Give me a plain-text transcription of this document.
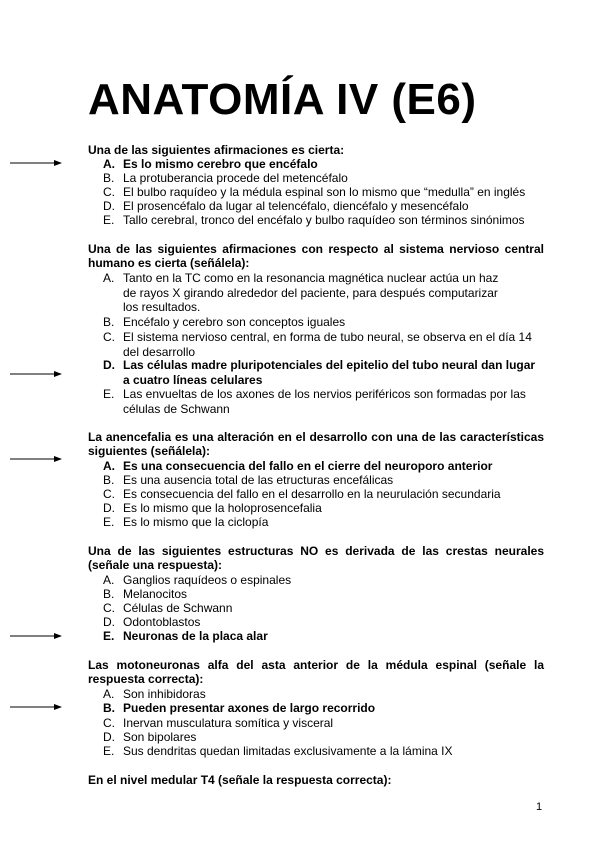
ANATOMÍA IV (E6)
Una de las siguientes afirmaciones es cierta:
A. Es lo mismo cerebro que encéfalo
B. La protuberancia procede del metencéfalo
C. El bulbo raquídeo y la médula espinal son lo mismo que “medulla” en inglés
D. El prosencéfalo da lugar al telencéfalo, diencéfalo y mesencéfalo
E. Tallo cerebral, tronco del encéfalo y bulbo raquídeo son términos sinónimos
Una de las siguientes afirmaciones con respecto al sistema nervioso central humano es cierta (señálela):
A. Tanto en la TC como en la resonancia magnética nuclear actúa un haz de rayos X girando alrededor del paciente, para después computarizar los resultados.
B. Encéfalo y cerebro son conceptos iguales
C. El sistema nervioso central, en forma de tubo neural, se observa en el día 14 del desarrollo
D. Las células madre pluripotenciales del epitelio del tubo neural dan lugar a cuatro líneas celulares
E. Las envueltas de los axones de los nervios periféricos son formadas por las células de Schwann
La anencefalia es una alteración en el desarrollo con una de las características siguientes (señálela):
A. Es una consecuencia del fallo en el cierre del neuroporo anterior
B. Es una ausencia total de las etructuras encefálicas
C. Es consecuencia del fallo en el desarrollo en la neurulación secundaria
D. Es lo mismo que la holoprosencefalia
E. Es lo mismo que la ciclopía
Una de las siguientes estructuras NO es derivada de las crestas neurales (señale una respuesta):
A. Ganglios raquídeos o espinales
B. Melanocitos
C. Células de Schwann
D. Odontoblastos
E. Neuronas de la placa alar
Las motoneuronas alfa del asta anterior de la médula espinal (señale la respuesta correcta):
A. Son inhibidoras
B. Pueden presentar axones de largo recorrido
C. Inervan musculatura somítica y visceral
D. Son bipolares
E. Sus dendritas quedan limitadas exclusivamente a la lámina IX
En el nivel medular T4 (señale la respuesta correcta):
1
